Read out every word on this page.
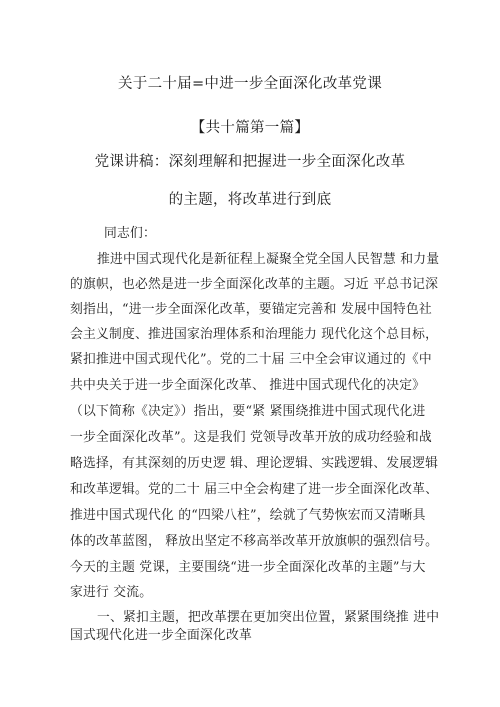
关于二十届=中进一步全面深化改革党课
【共十篇第一篇】
党课讲稿：深刻理解和把握进一步全面深化改革
的主题，将改革进行到底
同志们：
推进中国式现代化是新征程上凝聚全党全国人民智慧 和力量
的旗帜，也必然是进一步全面深化改革的主题。习近 平总书记深
刻指出，“进一步全面深化改革，要锚定完善和 发展中国特色社
会主义制度、推进国家治理体系和治理能力 现代化这个总目标，
紧扣推进中国式现代化”。党的二十届 三中全会审议通过的《中
共中央关于进一步全面深化改革、 推进中国式现代化的决定》
（以下简称《决定》）指出，要“紧 紧围绕推进中国式现代化进
一步全面深化改革”。这是我们 党领导改革开放的成功经验和战
略选择，有其深刻的历史逻 辑、理论逻辑、实践逻辑、发展逻辑
和改革逻辑。党的二十 届三中全会构建了进一步全面深化改革、
推进中国式现代化 的“四梁八柱”，绘就了气势恢宏而又清晰具
体的改革蓝图， 释放出坚定不移高举改革开放旗帜的强烈信号。
今天的主题 党课，主要围绕“进一步全面深化改革的主题”与大
家进行 交流。
一、紧扣主题，把改革摆在更加突出位置，紧紧围绕推 进中
国式现代化进一步全面深化改革
